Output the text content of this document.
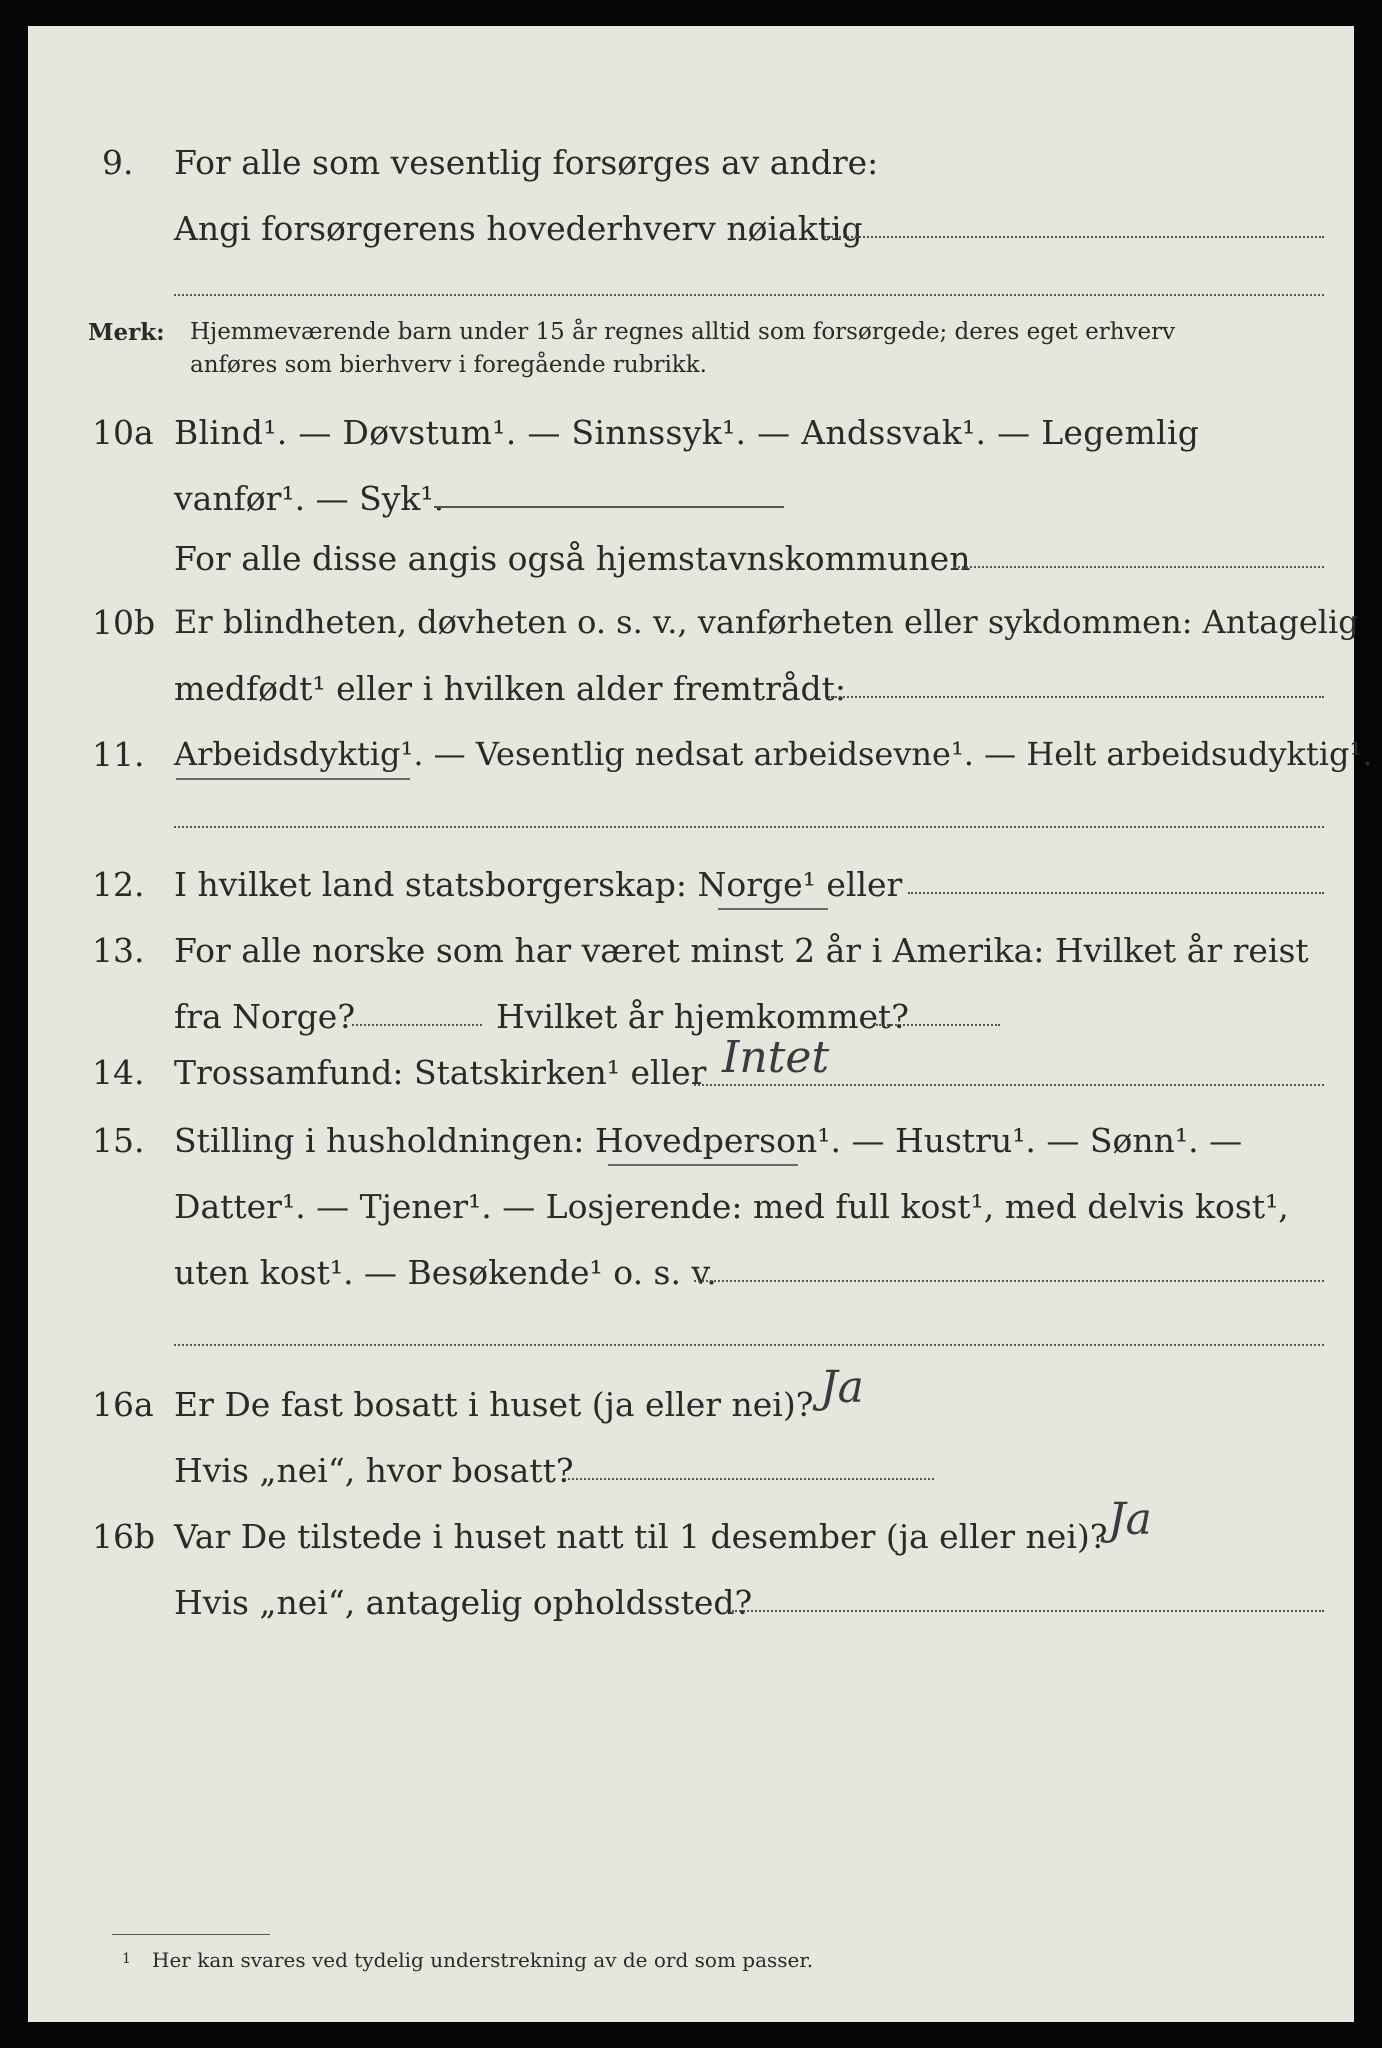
9. For alle som vesentlig forsørges av andre:
Angi forsørgerens hovederhverv nøiaktig
Merk: Hjemmeværende barn under 15 år regnes alltid som forsørgede; deres eget erhverv
anføres som bierhverv i foregående rubrikk.
10a Blind¹. — Døvstum¹. — Sinnssyk¹. — Andssvak¹. — Legemlig
vanfør¹. — Syk¹.
For alle disse angis også hjemstavnskommunen
10b Er blindheten, døvheten o. s. v., vanførheten eller sykdommen: Antagelig
medfødt¹ eller i hvilken alder fremtrådt:
11. Arbeidsdyktig¹. — Vesentlig nedsat arbeidsevne¹. — Helt arbeidsudyktig¹.
12. I hvilket land statsborgerskap: Norge¹ eller
13. For alle norske som har været minst 2 år i Amerika: Hvilket år reist
fra Norge?	Hvilket år hjemkommet?
14. Trossamfund: Statskirken¹ eller Intet
15. Stilling i husholdningen: Hovedperson¹. — Hustru¹. — Sønn¹. —
Datter¹. — Tjener¹. — Losjerende: med full kost¹, med delvis kost¹,
uten kost¹. — Besøkende¹ o. s. v.
16a Er De fast bosatt i huset (ja eller nei)? Ja
Hvis „nei“, hvor bosatt?
16b Var De tilstede i huset natt til 1 desember (ja eller nei)? Ja
Hvis „nei“, antagelig opholdssted?
1 Her kan svares ved tydelig understrekning av de ord som passer.
